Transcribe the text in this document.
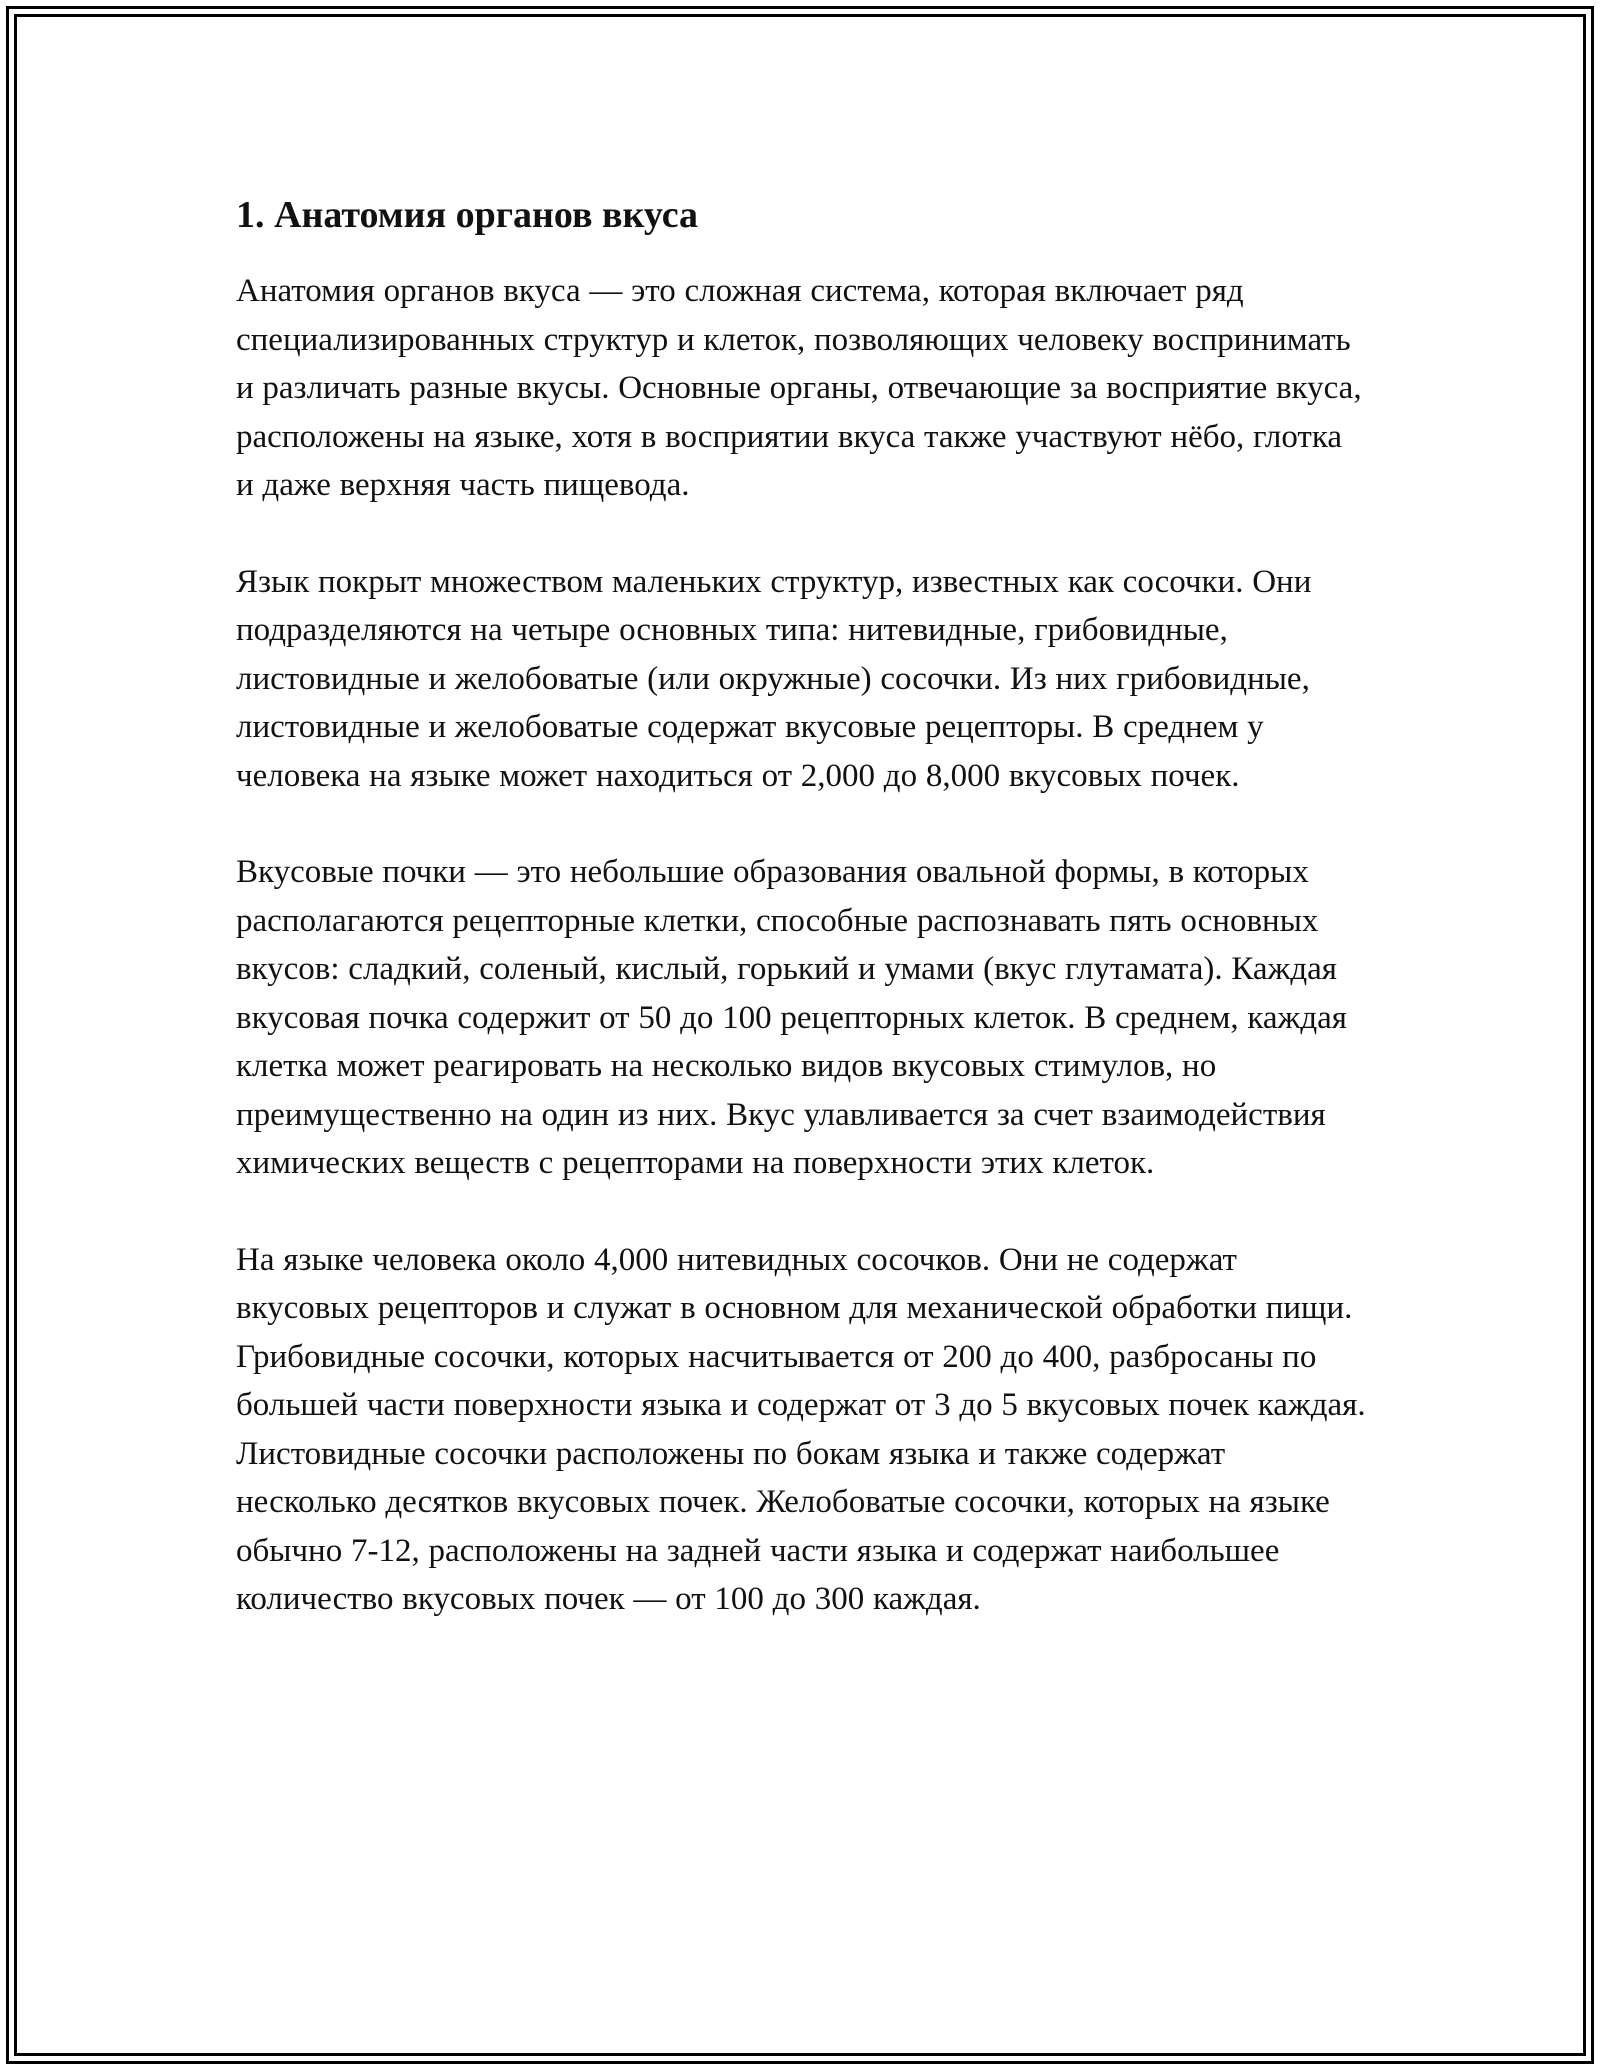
1. Анатомия органов вкуса

Анатомия органов вкуса — это сложная система, которая включает ряд специализированных структур и клеток, позволяющих человеку воспринимать и различать разные вкусы. Основные органы, отвечающие за восприятие вкуса, расположены на языке, хотя в восприятии вкуса также участвуют нёбо, глотка и даже верхняя часть пищевода.

Язык покрыт множеством маленьких структур, известных как сосочки. Они подразделяются на четыре основных типа: нитевидные, грибовидные, листовидные и желобоватые (или окружные) сосочки. Из них грибовидные, листовидные и желобоватые содержат вкусовые рецепторы. В среднем у человека на языке может находиться от 2,000 до 8,000 вкусовых почек.

Вкусовые почки — это небольшие образования овальной формы, в которых располагаются рецепторные клетки, способные распознавать пять основных вкусов: сладкий, соленый, кислый, горький и умами (вкус глутамата). Каждая вкусовая почка содержит от 50 до 100 рецепторных клеток. В среднем, каждая клетка может реагировать на несколько видов вкусовых стимулов, но преимущественно на один из них. Вкус улавливается за счет взаимодействия химических веществ с рецепторами на поверхности этих клеток.

На языке человека около 4,000 нитевидных сосочков. Они не содержат вкусовых рецепторов и служат в основном для механической обработки пищи. Грибовидные сосочки, которых насчитывается от 200 до 400, разбросаны по большей части поверхности языка и содержат от 3 до 5 вкусовых почек каждая. Листовидные сосочки расположены по бокам языка и также содержат несколько десятков вкусовых почек. Желобоватые сосочки, которых на языке обычно 7-12, расположены на задней части языка и содержат наибольшее количество вкусовых почек — от 100 до 300 каждая.
